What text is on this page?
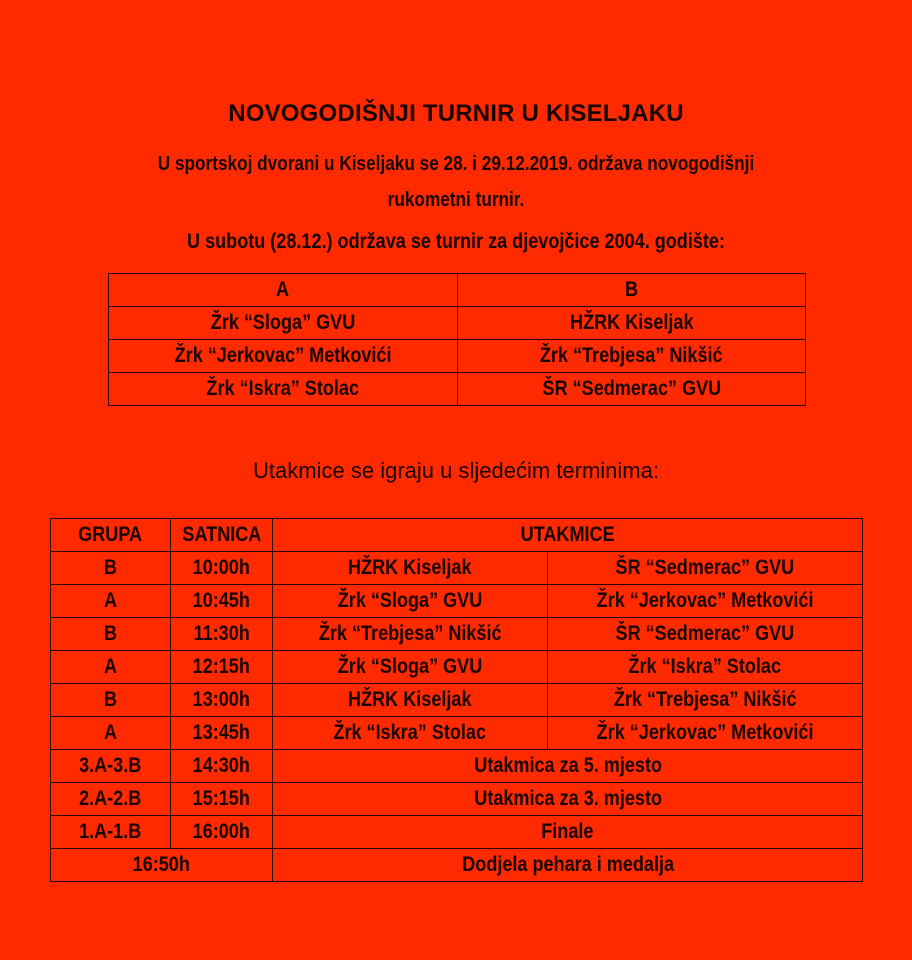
NOVOGODIŠNJI TURNIR U KISELJAKU
U sportskoj dvorani u Kiseljaku se 28. i 29.12.2019. održava novogodišnji
rukometni turnir.
U subotu (28.12.) održava se turnir za djevojčice 2004. godište:
A	B
Žrk “Sloga” GVU	HŽRK Kiseljak
Žrk “Jerkovac” Metkovići	Žrk “Trebjesa” Nikšić
Žrk “Iskra” Stolac	ŠR “Sedmerac” GVU
Utakmice se igraju u sljedećim terminima:
GRUPA	SATNICA	UTAKMICE	
B	10:00h	HŽRK Kiseljak	ŠR “Sedmerac” GVU
A	10:45h	Žrk “Sloga” GVU	Žrk “Jerkovac” Metkovići
B	11:30h	Žrk “Trebjesa” Nikšić	ŠR “Sedmerac” GVU
A	12:15h	Žrk “Sloga” GVU	Žrk “Iskra” Stolac
B	13:00h	HŽRK Kiseljak	Žrk “Trebjesa” Nikšić
A	13:45h	Žrk “Iskra” Stolac	Žrk “Jerkovac” Metkovići
3.A-3.B	14:30h	Utakmica za 5. mjesto	
2.A-2.B	15:15h	Utakmica za 3. mjesto	
1.A-1.B	16:00h	Finale	
16:50h		Dodjela pehara i medalja	
